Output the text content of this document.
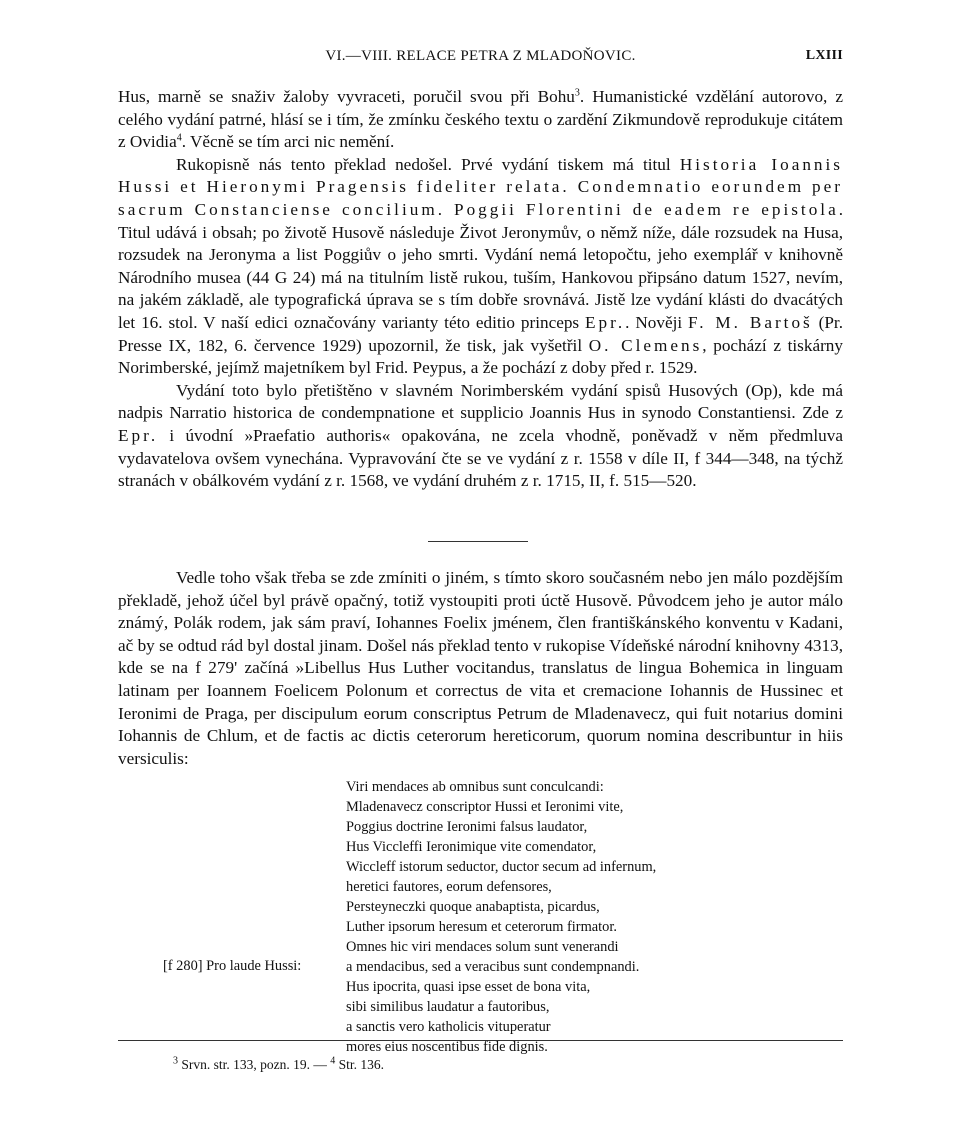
VI.—VIII. RELACE PETRA Z MLADOŇOVIC.	LXIII

Hus, marně se snaživ žaloby vyvraceti, poručil svou při Bohu$^3$. Humanistické vzdělání autorovo, z celého vydání patrné, hlásí se i tím, že zmínku českého textu o zardění Zikmundově reprodukuje citátem z Ovidia$^4$. Věcně se tím arci nic nemění.

Rukopisně nás tento překlad nedošel. Prvé vydání tiskem má titul Historia Ioannis Hussi et Hieronymi Pragensis fideliter relata. Condemnatio eorundem per sacrum Constanciense concilium. Poggii Florentini de eadem re epistola. Titul udává i obsah; po životě Husově následuje Život Jeronymův, o němž níže, dále rozsudek na Husa, rozsudek na Jeronyma a list Poggiův o jeho smrti. Vydání nemá letopočtu, jeho exemplář v knihovně Národního musea (44 G 24) má na titulním listě rukou, tuším, Hankovou připsáno datum 1527, nevím, na jakém základě, ale typografická úprava se s tím dobře srovnává. Jistě lze vydání klásti do dvacátých let 16. stol. V naší edici označovány varianty této editio princeps Epr.. Nověji F. M. Bartoš (Pr. Presse IX, 182, 6. července 1929) upozornil, že tisk, jak vyšetřil O. Clemens, pochází z tiskárny Norimberské, jejímž majetníkem byl Frid. Peypus, a že pochází z doby před r. 1529.

Vydání toto bylo přetištěno v slavném Norimberském vydání spisů Husových (Op), kde má nadpis Narratio historica de condempnatione et supplicio Joannis Hus in synodo Constantiensi. Zde z Epr. i úvodní »Praefatio authoris« opakována, ne zcela vhodně, poněvadž v něm předmluva vydavatelova ovšem vynechána. Vypravování čte se ve vydání z r. 1558 v díle II, f 344—348, na týchž stranách v obálkovém vydání z r. 1568, ve vydání druhém z r. 1715, II, f. 515—520.

Vedle toho však třeba se zde zmíniti o jiném, s tímto skoro současném nebo jen málo pozdějším překladě, jehož účel byl právě opačný, totiž vystoupiti proti úctě Husově. Původcem jeho je autor málo známý, Polák rodem, jak sám praví, Iohannes Foelix jménem, člen františkánského konventu v Kadani, ač by se odtud rád byl dostal jinam. Došel nás překlad tento v rukopise Vídeňské národní knihovny 4313, kde se na f 279' začíná »Libellus Hus Luther vocitandus, translatus de lingua Bohemica in linguam latinam per Ioannem Foelicem Polonum et correctus de vita et cremacione Iohannis de Hussinec et Ieronimi de Praga, per discipulum eorum conscriptus Petrum de Mladenavecz, qui fuit notarius domini Iohannis de Chlum, et de factis ac dictis ceterorum hereticorum, quorum nomina describuntur in hiis versiculis:

Viri mendaces ab omnibus sunt conculcandi:
Mladenavecz conscriptor Hussi et Ieronimi vite,
Poggius doctrine Ieronimi falsus laudator,
Hus Viccleffi Ieronimique vite comendator,
Wiccleff istorum seductor, ductor secum ad infernum,
heretici fautores, eorum defensores,
Persteyneczki quoque anabaptista, picardus,
Luther ipsorum heresum et ceterorum firmator.
Omnes hic viri mendaces solum sunt venerandi
a mendacibus, sed a veracibus sunt condempnandi.
Hus ipocrita, quasi ipse esset de bona vita,
sibi similibus laudatur a fautoribus,
a sanctis vero katholicis vituperatur
mores eius noscentibus fide dignis.
[f 280] Pro laude Hussi:
$^3$ Srvn. str. 133, pozn. 19. — $^4$ Str. 136.
